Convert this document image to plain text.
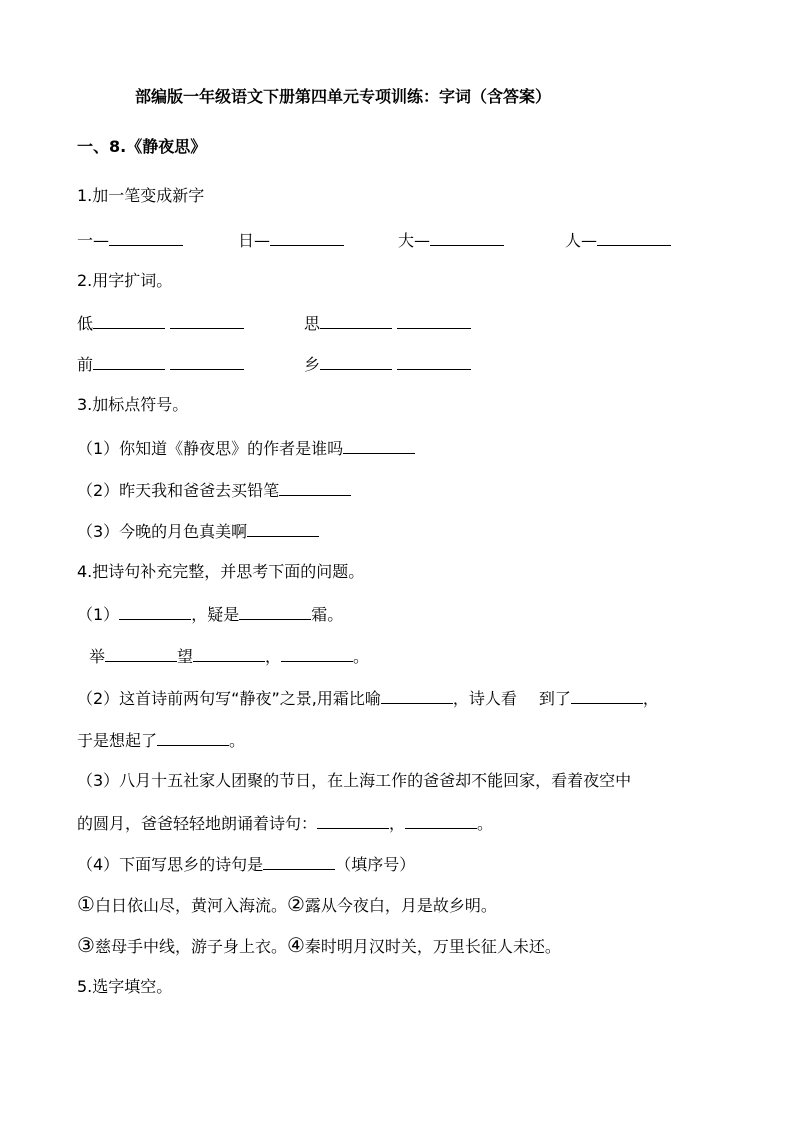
部编版一年级语文下册第四单元专项训练：字词（含答案）
一、8.《静夜思》
1.加一笔变成新字
一—	日—	大—	人—
2.用字扩词。
低	思
前	乡
3.加标点符号。
（1）你知道《静夜思》的作者是谁吗
（2）昨天我和爸爸去买铅笔
（3）今晚的月色真美啊
4.把诗句补充完整，并思考下面的问题。
（1）	，疑是	霜。
举	望	，	。
（2）这首诗前两句写“静夜”之景,用霜比喻	，诗人看 到了	，
于是想起了	。
（3）八月十五社家人团聚的节日，在上海工作的爸爸却不能回家，看着夜空中
的圆月，爸爸轻轻地朗诵着诗句：	，	。
（4）下面写思乡的诗句是	（填序号）
①白日依山尽，黄河入海流。②露从今夜白，月是故乡明。
③慈母手中线，游子身上衣。④秦时明月汉时关，万里长征人未还。
5.选字填空。
